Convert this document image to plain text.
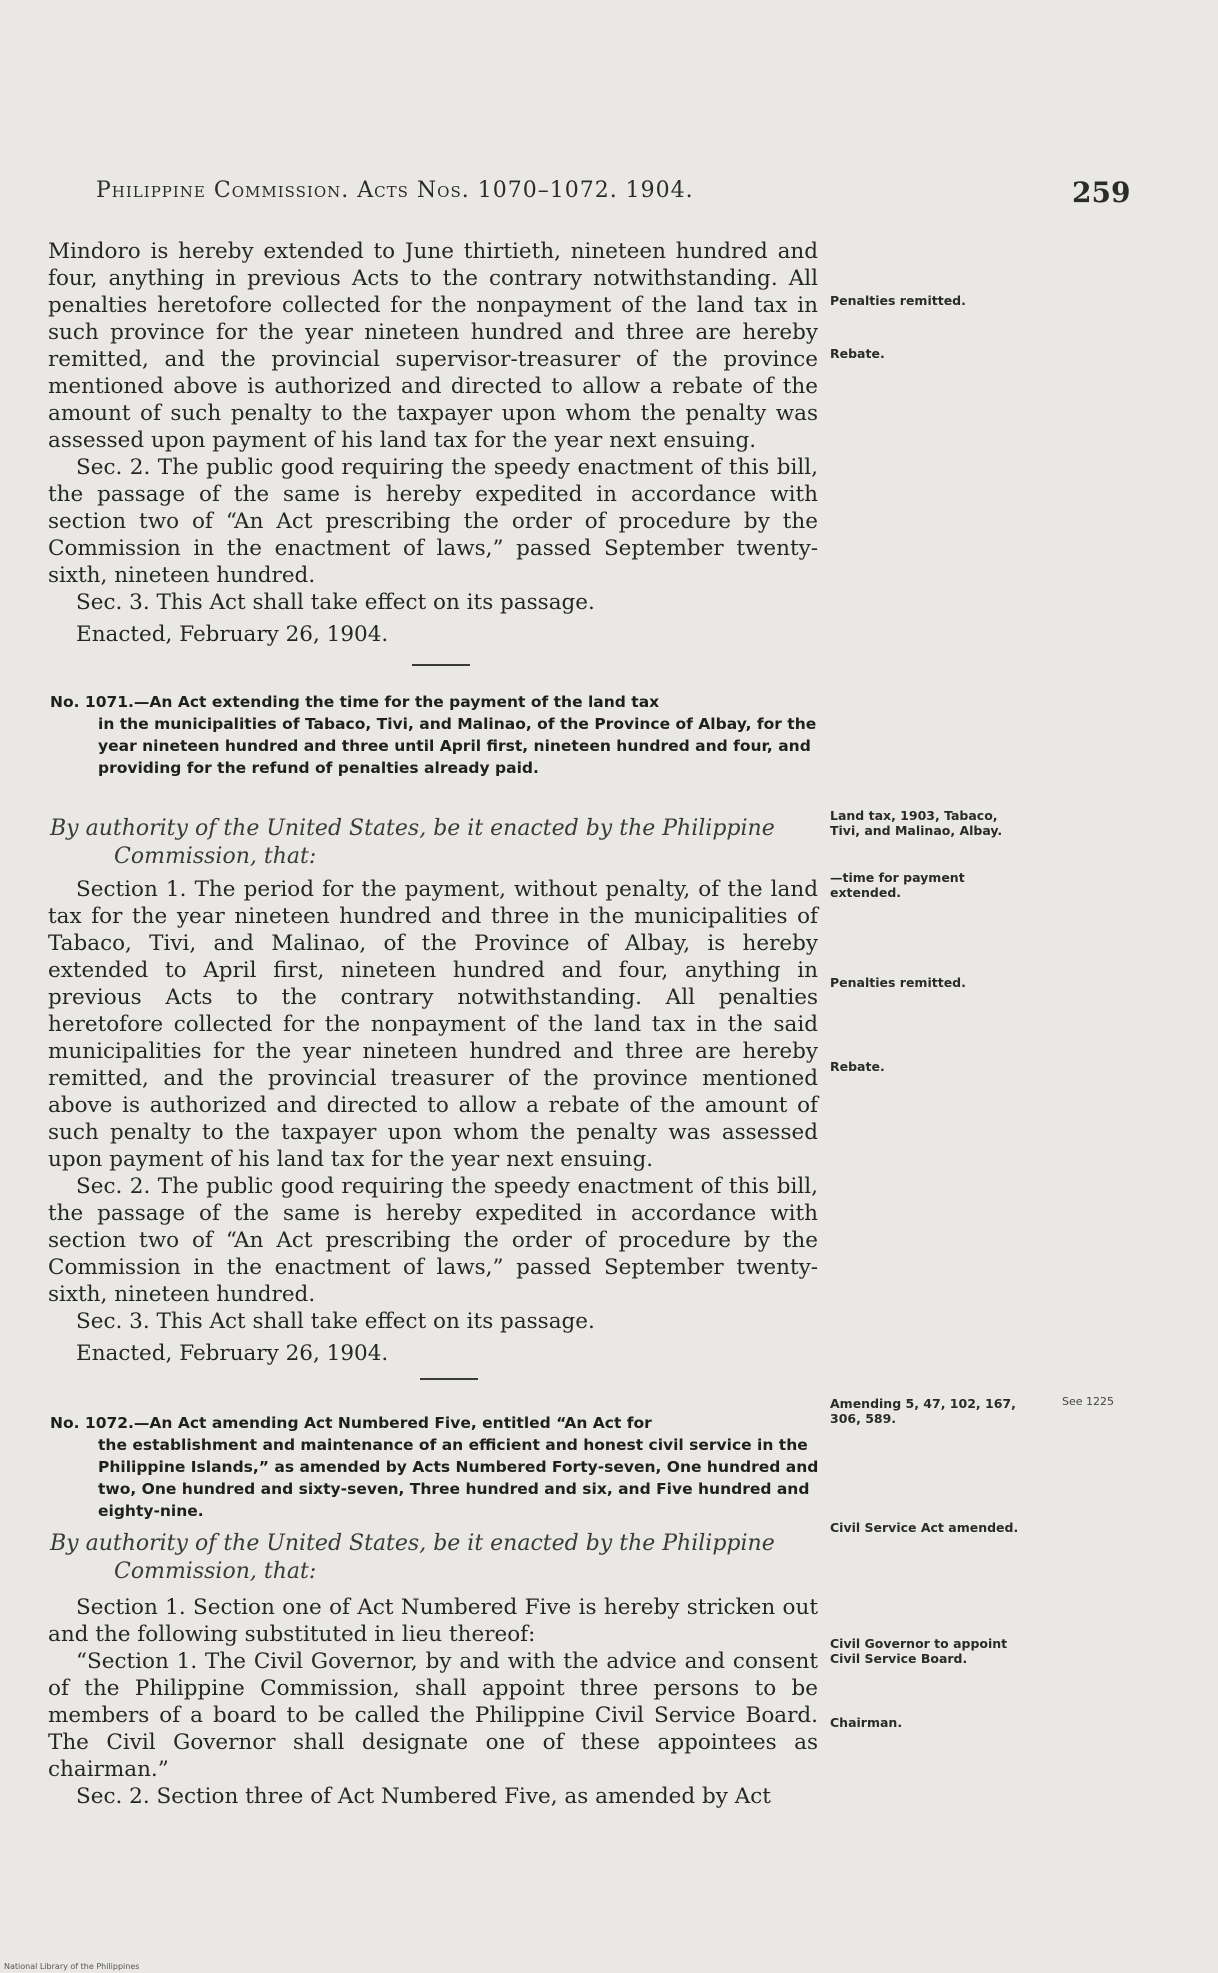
Philippine Commission. Acts Nos. 1070–1072. 1904.	259

Mindoro is hereby extended to June thirtieth, nineteen hundred and four, anything in previous Acts to the contrary notwithstanding. All penalties heretofore collected for the nonpayment of the land tax in such province for the year nineteen hundred and three are hereby remitted, and the provincial supervisor-treasurer of the province mentioned above is authorized and directed to allow a rebate of the amount of such penalty to the taxpayer upon whom the penalty was assessed upon payment of his land tax for the year next ensuing.

Sec. 2. The public good requiring the speedy enactment of this bill, the passage of the same is hereby expedited in accordance with section two of “An Act prescribing the order of procedure by the Commission in the enactment of laws,” passed September twenty-sixth, nineteen hundred.

Sec. 3. This Act shall take effect on its passage.

Enacted, February 26, 1904.

No. 1071.—An Act extending the time for the payment of the land tax
in the municipalities of Tabaco, Tivi, and Malinao, of the Province of Albay, for the year nineteen hundred and three until April first, nineteen hundred and four, and providing for the refund of penalties already paid.
By authority of the United States, be it enacted by the Philippine
Commission, that:

Section 1. The period for the payment, without penalty, of the land tax for the year nineteen hundred and three in the municipalities of Tabaco, Tivi, and Malinao, of the Province of Albay, is hereby extended to April first, nineteen hundred and four, anything in previous Acts to the contrary notwithstanding. All penalties heretofore collected for the nonpayment of the land tax in the said municipalities for the year nineteen hundred and three are hereby remitted, and the provincial treasurer of the province mentioned above is authorized and directed to allow a rebate of the amount of such penalty to the taxpayer upon whom the penalty was assessed upon payment of his land tax for the year next ensuing.

Sec. 2. The public good requiring the speedy enactment of this bill, the passage of the same is hereby expedited in accordance with section two of “An Act prescribing the order of procedure by the Commission in the enactment of laws,” passed September twenty-sixth, nineteen hundred.

Sec. 3. This Act shall take effect on its passage.

Enacted, February 26, 1904.

No. 1072.—An Act amending Act Numbered Five, entitled “An Act for
the establishment and maintenance of an efficient and honest civil service in the Philippine Islands,” as amended by Acts Numbered Forty-seven, One hundred and two, One hundred and sixty-seven, Three hundred and six, and Five hundred and eighty-nine.
By authority of the United States, be it enacted by the Philippine
Commission, that:

Section 1. Section one of Act Numbered Five is hereby stricken out and the following substituted in lieu thereof:

“Section 1. The Civil Governor, by and with the advice and consent of the Philippine Commission, shall appoint three persons to be members of a board to be called the Philippine Civil Service Board. The Civil Governor shall designate one of these appointees as chairman.”

Sec. 2. Section three of Act Numbered Five, as amended by Act

Penalties remitted.
Rebate.
Land tax, 1903, Tabaco, Tivi, and Malinao, Albay.
—time for payment extended.
Penalties remitted.
Rebate.
Amending 5, 47, 102, 167, 306, 589.
See 1225
Civil Service Act amended.
Civil Governor to appoint Civil Service Board.
Chairman.
National Library of the Philippines
